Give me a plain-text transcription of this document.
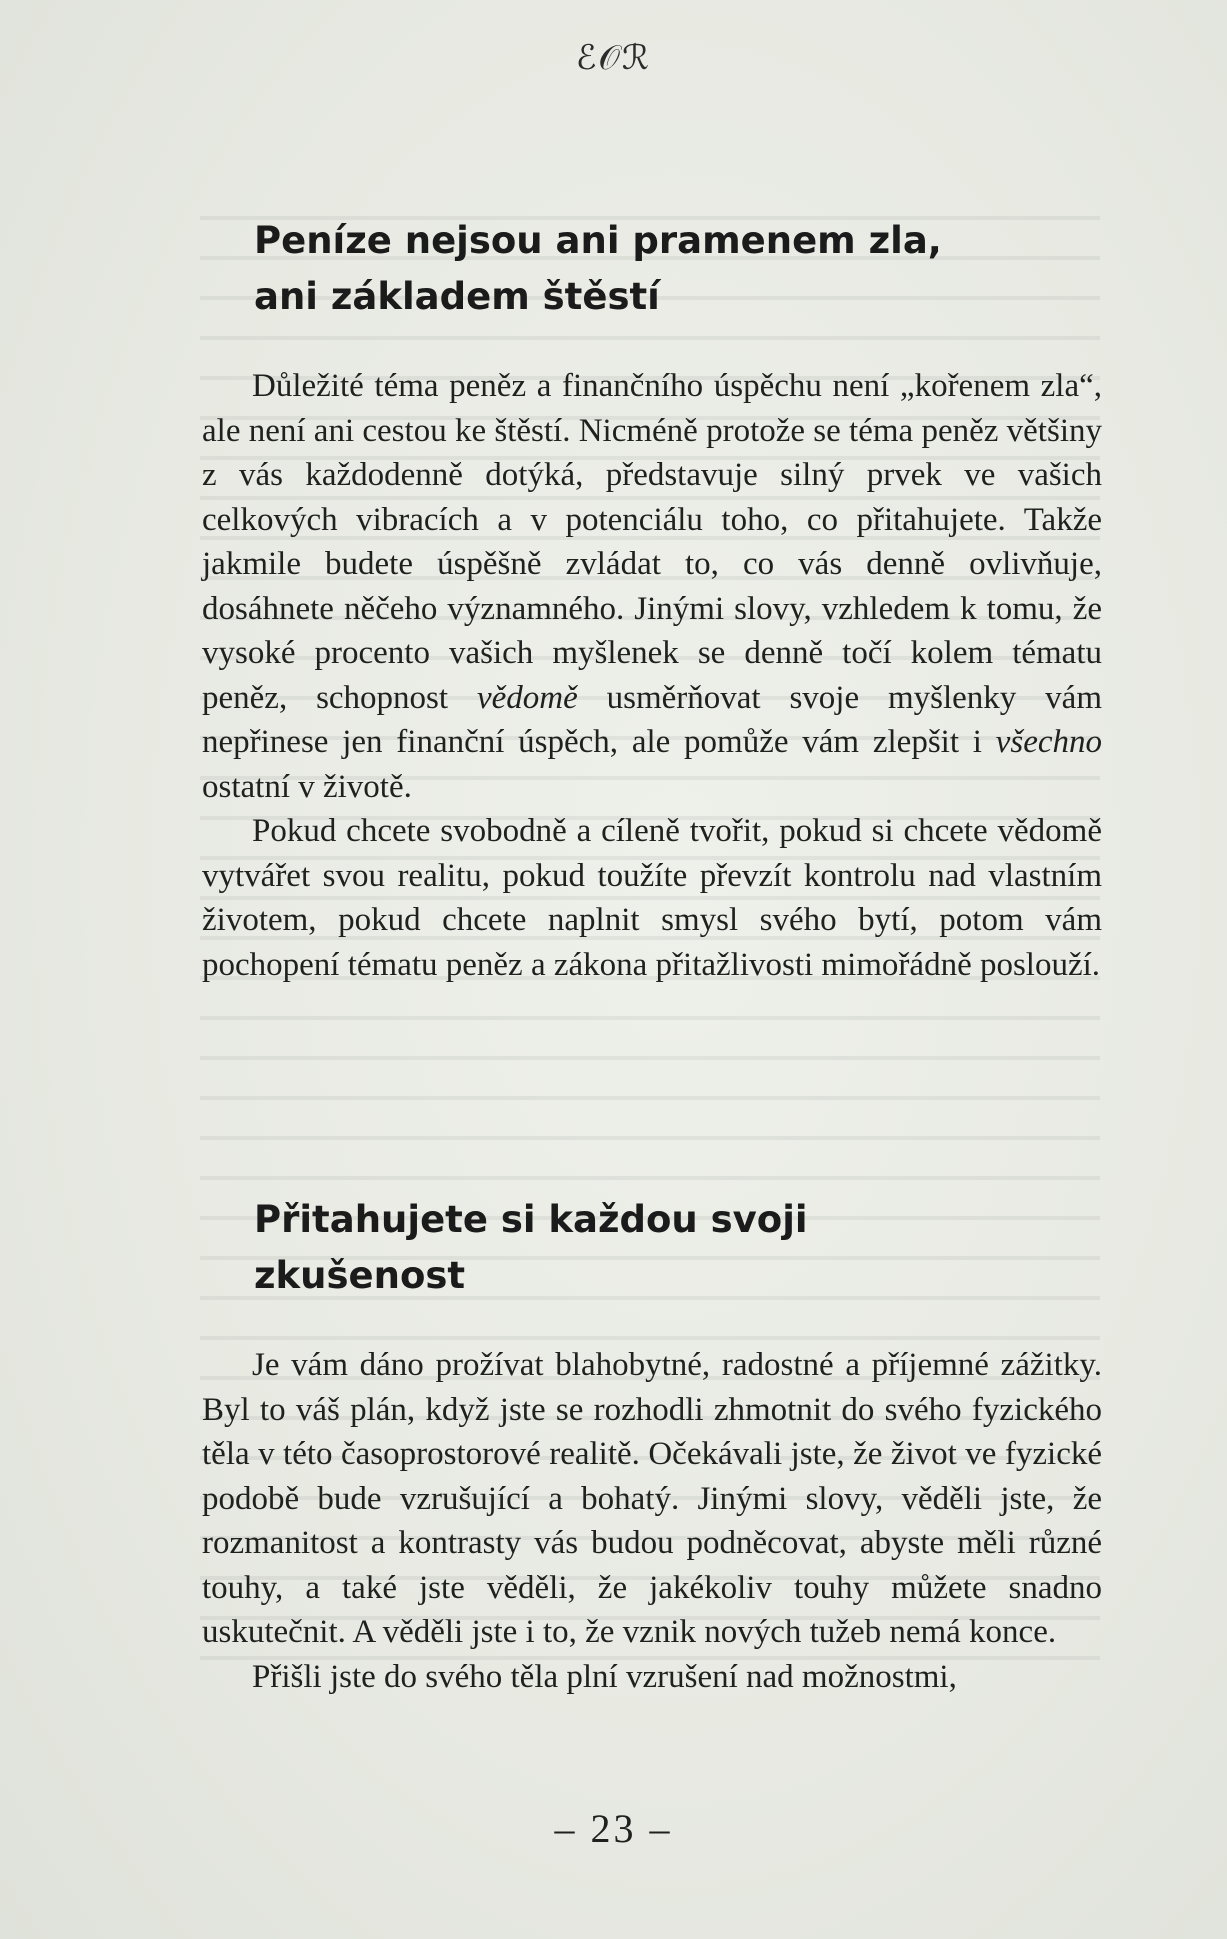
ℰ𝒪ℛ
Peníze nejsou ani pramenem zla,
ani základem štěstí

Důležité téma peněz a finančního úspěchu není „kořenem zla“, ale není ani cestou ke štěstí. Nicméně protože se téma peněz většiny z vás každodenně dotýká, představuje silný prvek ve vašich celkových vibracích a v potenciálu toho, co přitahujete. Takže jakmile budete úspěšně zvládat to, co vás denně ovlivňuje, dosáhnete něčeho významného. Jinými slovy, vzhledem k tomu, že vysoké procento vašich myšlenek se denně točí kolem tématu peněz, schopnost vědomě usměrňovat svoje myšlenky vám nepřinese jen finanční úspěch, ale pomůže vám zlepšit i všechno ostatní v životě.

Pokud chcete svobodně a cíleně tvořit, pokud si chcete vědomě vytvářet svou realitu, pokud toužíte převzít kontrolu nad vlastním životem, pokud chcete naplnit smysl svého bytí, potom vám pochopení tématu peněz a zákona přitažlivosti mimořádně poslouží.

Přitahujete si každou svoji
zkušenost

Je vám dáno prožívat blahobytné, radostné a příjemné zážitky. Byl to váš plán, když jste se rozhodli zhmotnit do svého fyzického těla v této časoprostorové realitě. Očekávali jste, že život ve fyzické podobě bude vzrušující a bohatý. Jinými slovy, věděli jste, že rozmanitost a kontrasty vás budou podněcovat, abyste měli různé touhy, a také jste věděli, že jakékoliv touhy můžete snadno uskutečnit. A věděli jste i to, že vznik nových tužeb nemá konce.

Přišli jste do svého těla plní vzrušení nad možnostmi,

– 23 –
